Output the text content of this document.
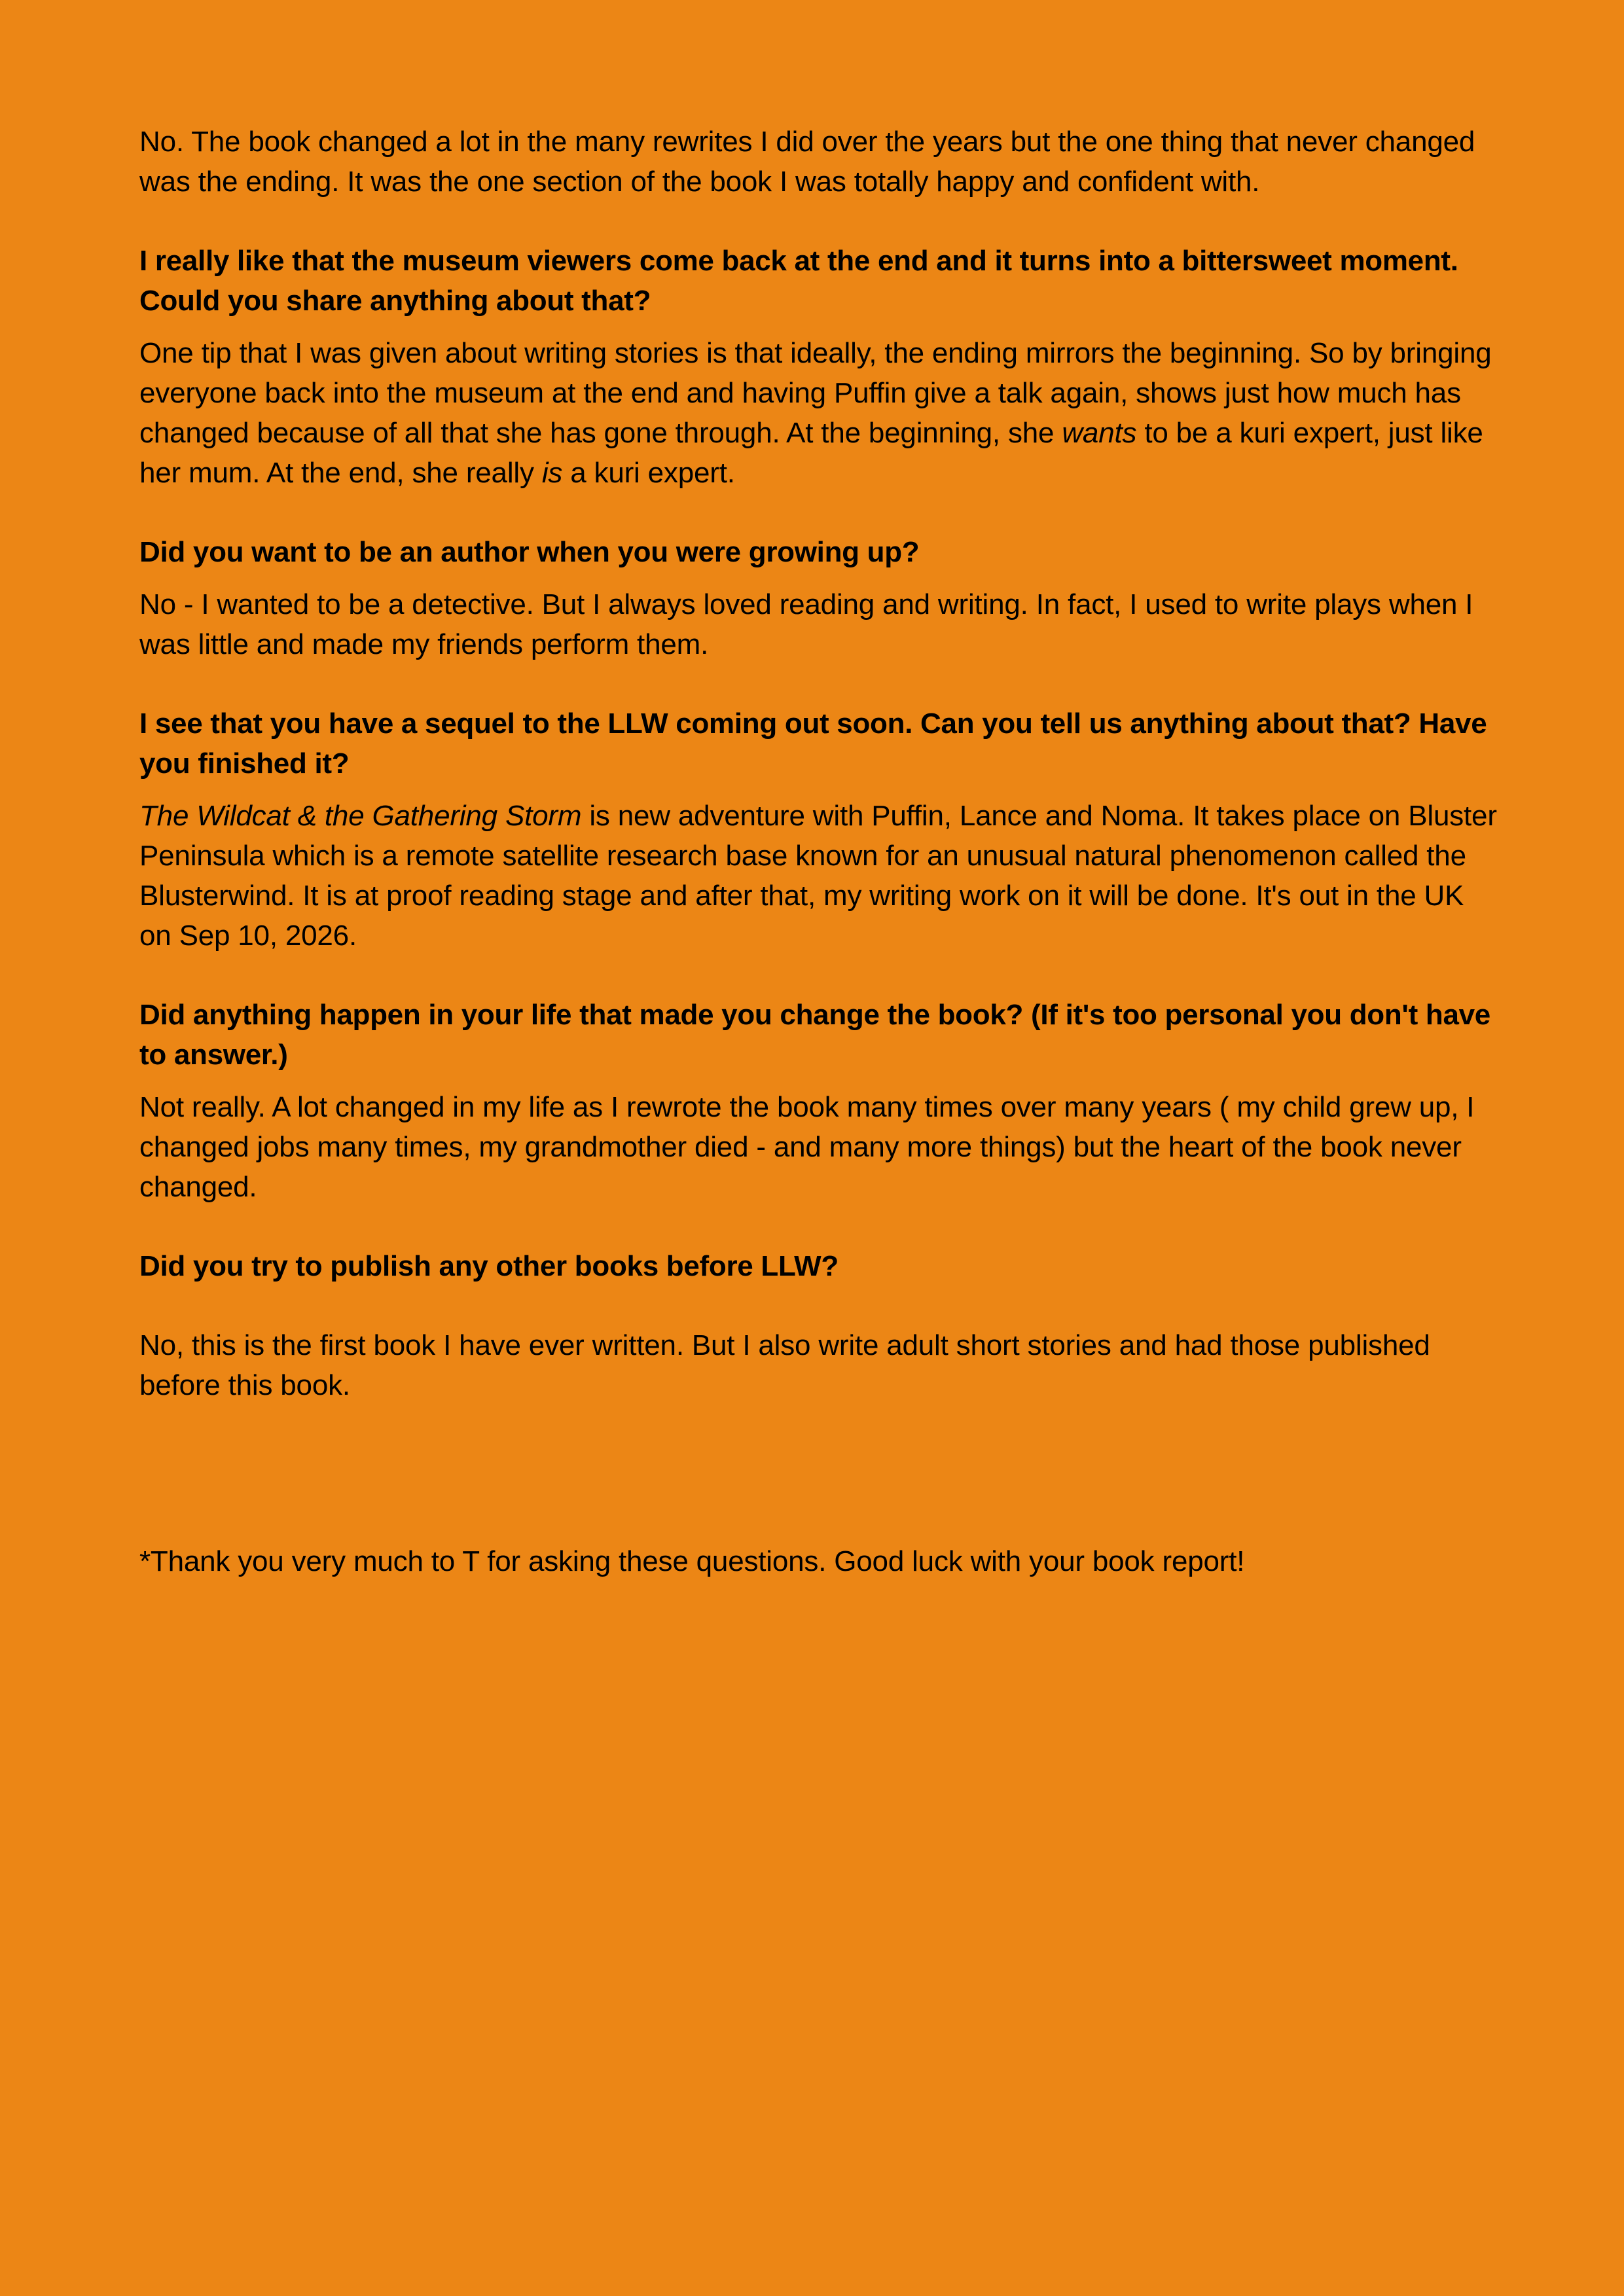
No. The book changed a lot in the many rewrites I did over the years but the one thing that never changed was the ending. It was the one section of the book I was totally happy and confident with.

I really like that the museum viewers come back at the end and it turns into a bittersweet moment. Could you share anything about that?

One tip that I was given about writing stories is that ideally, the ending mirrors the beginning. So by bringing everyone back into the museum at the end and having Puffin give a talk again, shows just how much has changed because of all that she has gone through. At the beginning, she wants to be a kuri expert, just like her mum. At the end, she really is a kuri expert.

Did you want to be an author when you were growing up?

No - I wanted to be a detective. But I always loved reading and writing. In fact, I used to write plays when I was little and made my friends perform them.

I see that you have a sequel to the LLW coming out soon. Can you tell us anything about that? Have you finished it?

The Wildcat & the Gathering Storm is new adventure with Puffin, Lance and Noma. It takes place on Bluster Peninsula which is a remote satellite research base known for an unusual natural phenomenon called the Blusterwind. It is at proof reading stage and after that, my writing work on it will be done. It's out in the UK on Sep 10, 2026.

Did anything happen in your life that made you change the book? (If it's too personal you don't have to answer.)

Not really. A lot changed in my life as I rewrote the book many times over many years ( my child grew up, I changed jobs many times, my grandmother died - and many more things) but the heart of the book never changed.

Did you try to publish any other books before LLW?

No, this is the first book I have ever written. But I also write adult short stories and had those published before this book.

*Thank you very much to T for asking these questions. Good luck with your book report!
